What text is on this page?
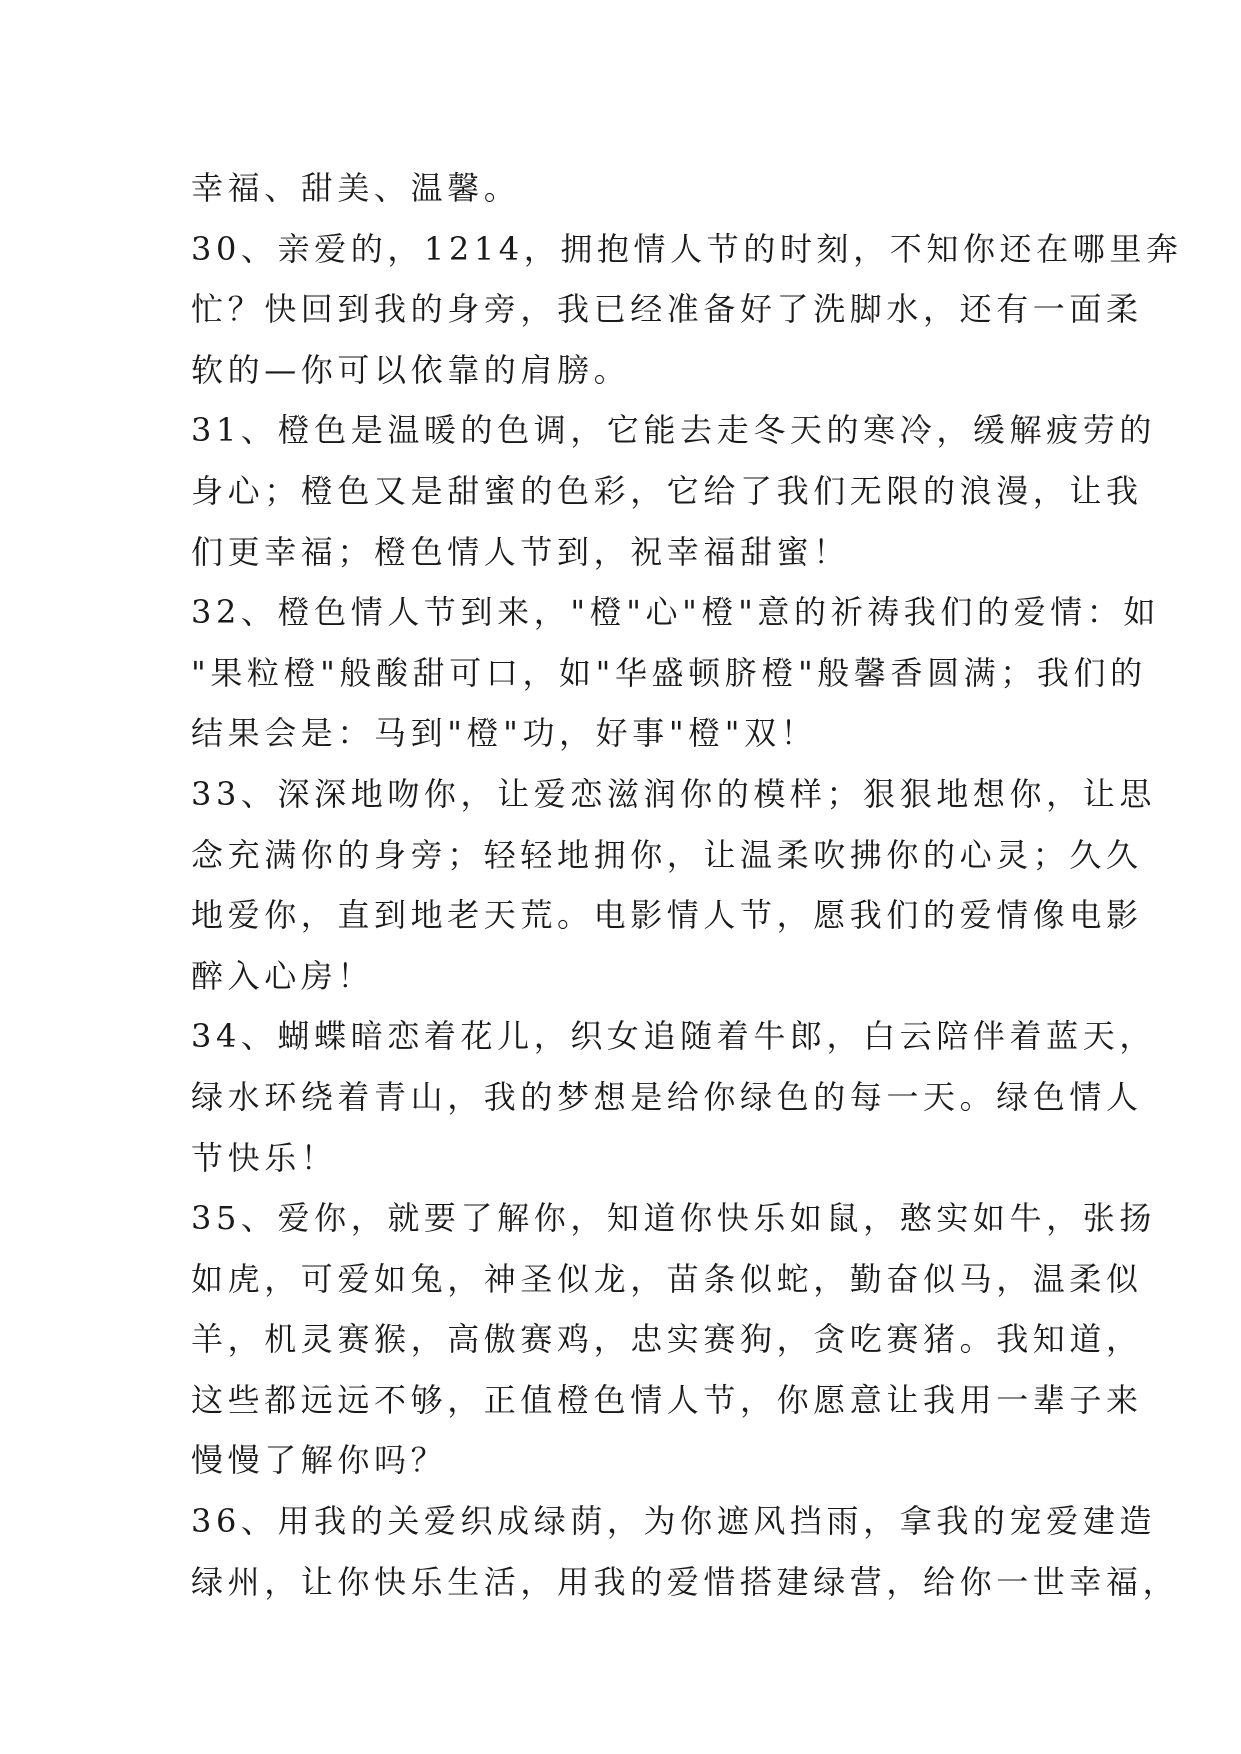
幸福、甜美、温馨。
30、亲爱的，1214，拥抱情人节的时刻，不知你还在哪里奔
忙？快回到我的身旁，我已经准备好了洗脚水，还有一面柔
软的—你可以依靠的肩膀。
31、橙色是温暖的色调，它能去走冬天的寒冷，缓解疲劳的
身心；橙色又是甜蜜的色彩，它给了我们无限的浪漫，让我
们更幸福；橙色情人节到，祝幸福甜蜜！
32、橙色情人节到来，"橙"心"橙"意的祈祷我们的爱情：如
"果粒橙"般酸甜可口，如"华盛顿脐橙"般馨香圆满；我们的
结果会是：马到"橙"功，好事"橙"双！
33、深深地吻你，让爱恋滋润你的模样；狠狠地想你，让思
念充满你的身旁；轻轻地拥你，让温柔吹拂你的心灵；久久
地爱你，直到地老天荒。电影情人节，愿我们的爱情像电影
醉入心房！
34、蝴蝶暗恋着花儿，织女追随着牛郎，白云陪伴着蓝天，
绿水环绕着青山，我的梦想是给你绿色的每一天。绿色情人
节快乐！
35、爱你，就要了解你，知道你快乐如鼠，憨实如牛，张扬
如虎，可爱如兔，神圣似龙，苗条似蛇，勤奋似马，温柔似
羊，机灵赛猴，高傲赛鸡，忠实赛狗，贪吃赛猪。我知道，
这些都远远不够，正值橙色情人节，你愿意让我用一辈子来
慢慢了解你吗？
36、用我的关爱织成绿荫，为你遮风挡雨，拿我的宠爱建造
绿州，让你快乐生活，用我的爱惜搭建绿营，给你一世幸福，
